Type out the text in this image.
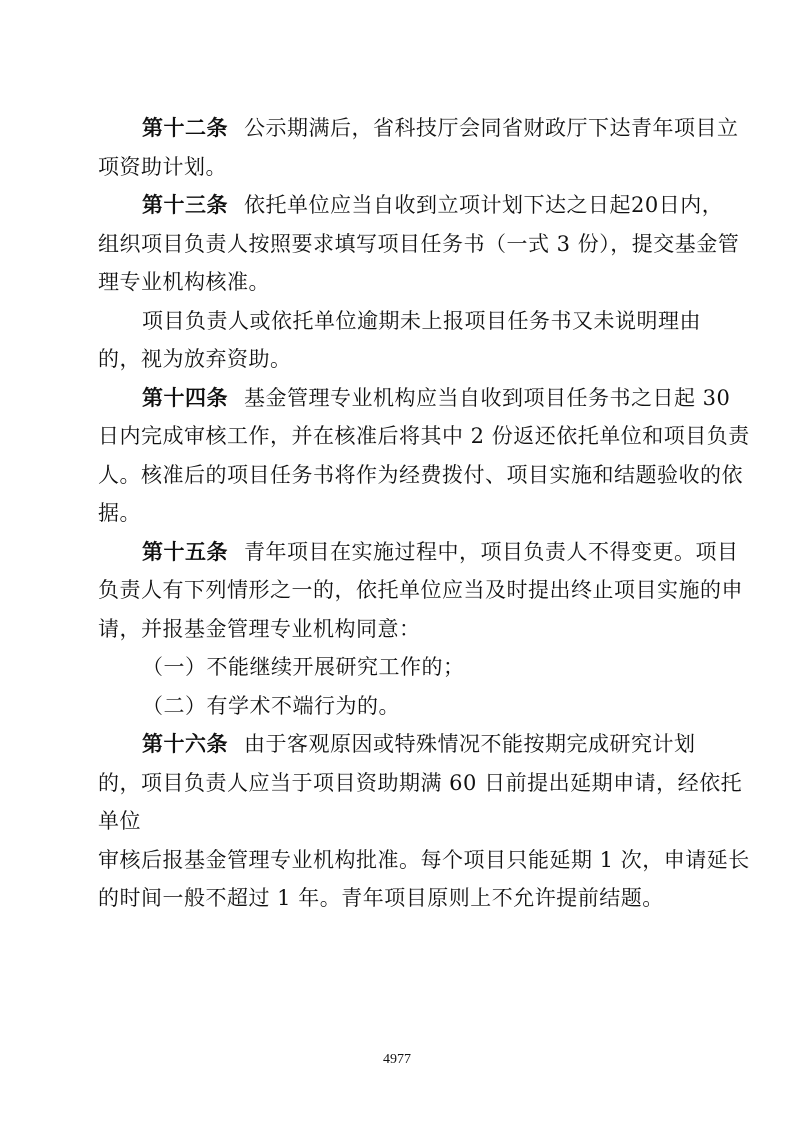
第十二条 公示期满后，省科技厅会同省财政厅下达青年项目立
项资助计划。
第十三条 依托单位应当自收到立项计划下达之日起20日内，
组织项目负责人按照要求填写项目任务书（一式 3 份），提交基金管
理专业机构核准。
项目负责人或依托单位逾期未上报项目任务书又未说明理由
的，视为放弃资助。
第十四条 基金管理专业机构应当自收到项目任务书之日起 30
日内完成审核工作，并在核准后将其中 2 份返还依托单位和项目负责
人。核准后的项目任务书将作为经费拨付、项目实施和结题验收的依
据。
第十五条 青年项目在实施过程中，项目负责人不得变更。项目
负责人有下列情形之一的，依托单位应当及时提出终止项目实施的申
请，并报基金管理专业机构同意：
（一）不能继续开展研究工作的；
（二）有学术不端行为的。
第十六条 由于客观原因或特殊情况不能按期完成研究计划
的，项目负责人应当于项目资助期满 60 日前提出延期申请，经依托
单位
审核后报基金管理专业机构批准。每个项目只能延期 1 次，申请延长
的时间一般不超过 1 年。青年项目原则上不允许提前结题。
4977
